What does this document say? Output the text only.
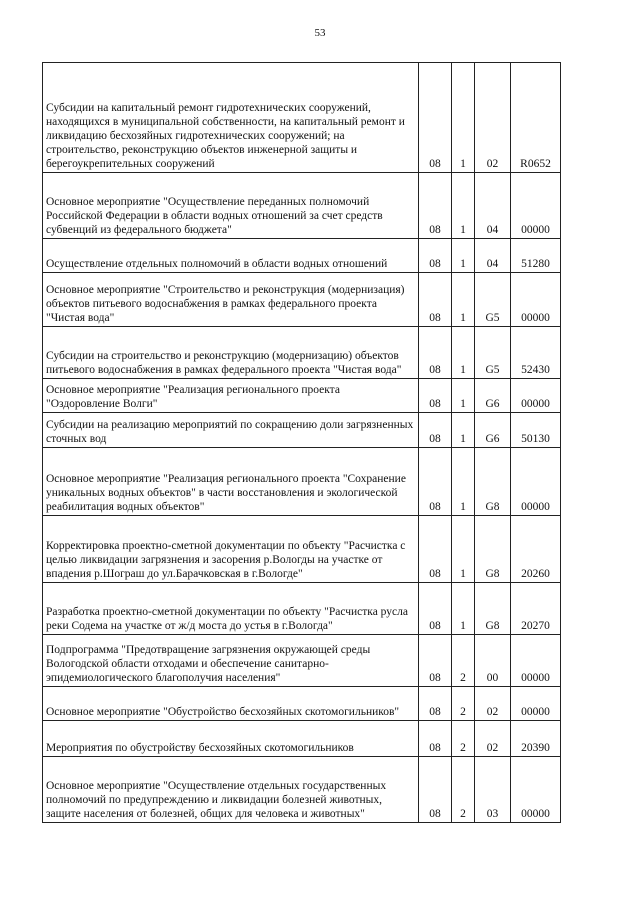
53
Субсидии на капитальный ремонт гидротехнических сооружений, находящихся в муниципальной собственности, на капитальный ремонт и ликвидацию бесхозяйных гидротехнических сооружений; на строительство, реконструкцию объектов инженерной защиты и берегоукрепительных сооружений	08	1	02	R0652
Основное мероприятие "Осуществление переданных полномочий Российской Федерации в области водных отношений за счет средств субвенций из федерального бюджета"	08	1	04	00000
Осуществление отдельных полномочий в области водных отношений	08	1	04	51280
Основное мероприятие "Строительство и реконструкция (модернизация) объектов питьевого водоснабжения в рамках федерального проекта "Чистая вода"	08	1	G5	00000
Субсидии на строительство и реконструкцию (модернизацию) объектов питьевого водоснабжения в рамках федерального проекта "Чистая вода"	08	1	G5	52430
Основное мероприятие "Реализация регионального проекта "Оздоровление Волги"	08	1	G6	00000
Субсидии на реализацию мероприятий по сокращению доли загрязненных сточных вод	08	1	G6	50130
Основное мероприятие "Реализация регионального проекта "Сохранение уникальных водных объектов" в части восстановления и экологической реабилитация водных объектов"	08	1	G8	00000
Корректировка проектно-сметной документации по объекту "Расчистка с целью ликвидации загрязнения и засорения р.Вологды на участке от впадения р.Шограш до ул.Барачковская в г.Вологде"	08	1	G8	20260
Разработка проектно-сметной документации по объекту "Расчистка русла реки Содема на участке от ж/д моста до устья в г.Вологда"	08	1	G8	20270
Подпрограмма "Предотвращение загрязнения окружающей среды Вологодской области отходами и обеспечение санитарно-эпидемиологического благополучия населения"	08	2	00	00000
Основное мероприятие "Обустройство бесхозяйных скотомогильников"	08	2	02	00000
Мероприятия по обустройству бесхозяйных скотомогильников	08	2	02	20390
Основное мероприятие "Осуществление отдельных государственных полномочий по предупреждению и ликвидации болезней животных, защите населения от болезней, общих для человека и животных"	08	2	03	00000
